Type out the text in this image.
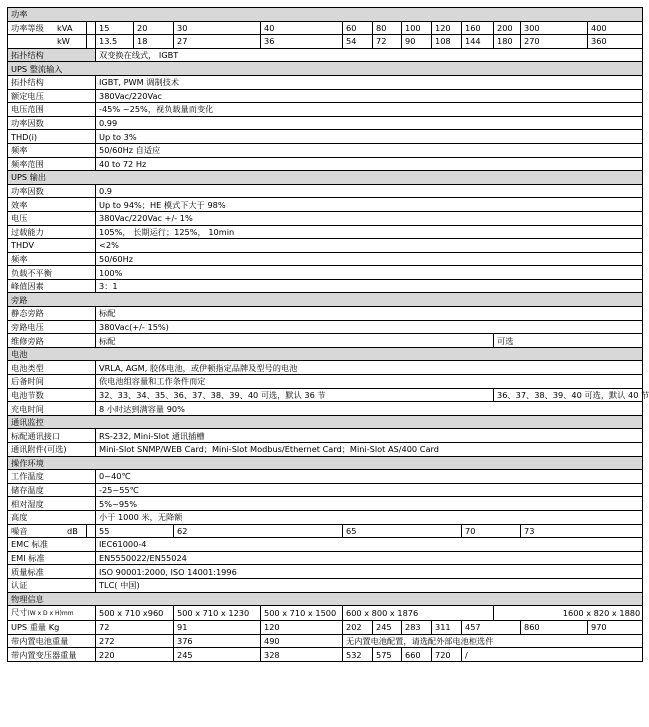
功率													
功率等级 kVA		15	20	30	40	60	80	100	120	160	200	300	400
kW		13.5	18	27	36	54	72	90	108	144	180	270	360
拓扑结构		双变换在线式， IGBT											
UPS 整流输入													
拓扑结构		IGBT, PWM 调制技术											
额定电压		380Vac/220Vac											
电压范围		-45% ~25%，视负载量而变化											
功率因数		0.99											
THD(i)		Up to 3%											
频率		50/60Hz 自适应											
频率范围		40 to 72 Hz											
UPS 输出													
功率因数		0.9											
效率		Up to 94%；HE 模式下大于 98%											
电压		380Vac/220Vac +/- 1%											
过载能力		105%， 长期运行；125%， 10min											
THDV		<2%											
频率		50/60Hz											
负载不平衡		100%											
峰值因素		3：1											
旁路													
静态旁路		标配											
旁路电压		380Vac(+/- 15%)											
维修旁路		标配									可选		
电池													
电池类型		VRLA, AGM, 胶体电池，或伊顿指定品牌及型号的电池											
后备时间		依电池组容量和工作条件而定											
电池节数		32、33、34、35、36、37、38、39、40 可选，默认 36 节									36、37、38、39、40 可选，默认 40 节		
充电时间		8 小时达到满容量 90%											
通讯监控													
标配通讯接口		RS-232, Mini-Slot 通讯插槽											
通讯附件(可选)		Mini-Slot SNMP/WEB Card；Mini-Slot Modbus/Ethernet Card；Mini-Slot AS/400 Card											
操作环境													
工作温度		0~40℃											
储存温度		-25~55℃											
相对湿度		5%~95%											
高度		小于 1000 米，无降额											
噪音 dB		55		62		65				70		73	
EMC 标准		IEC61000-4											
EMI 标准		EN5550022/EN55024											
质量标准		ISO 90001:2000, ISO 14001:1996											
认证		TLC( 中国)											
物理信息													
尺寸(W x D x H)mm		500 x 710 x960		500 x 710 x 1230	500 x 710 x 1500	600 x 800 x 1876					1600 x 820 x 1880		
UPS 重量 Kg		72		91	120	202	245	283	311	457		860	970
带内置电池重量		272		376	490	无内置电池配置，请选配外部电池柜选件							
带内置变压器重量		220		245	328	532	575	660	720	/			
